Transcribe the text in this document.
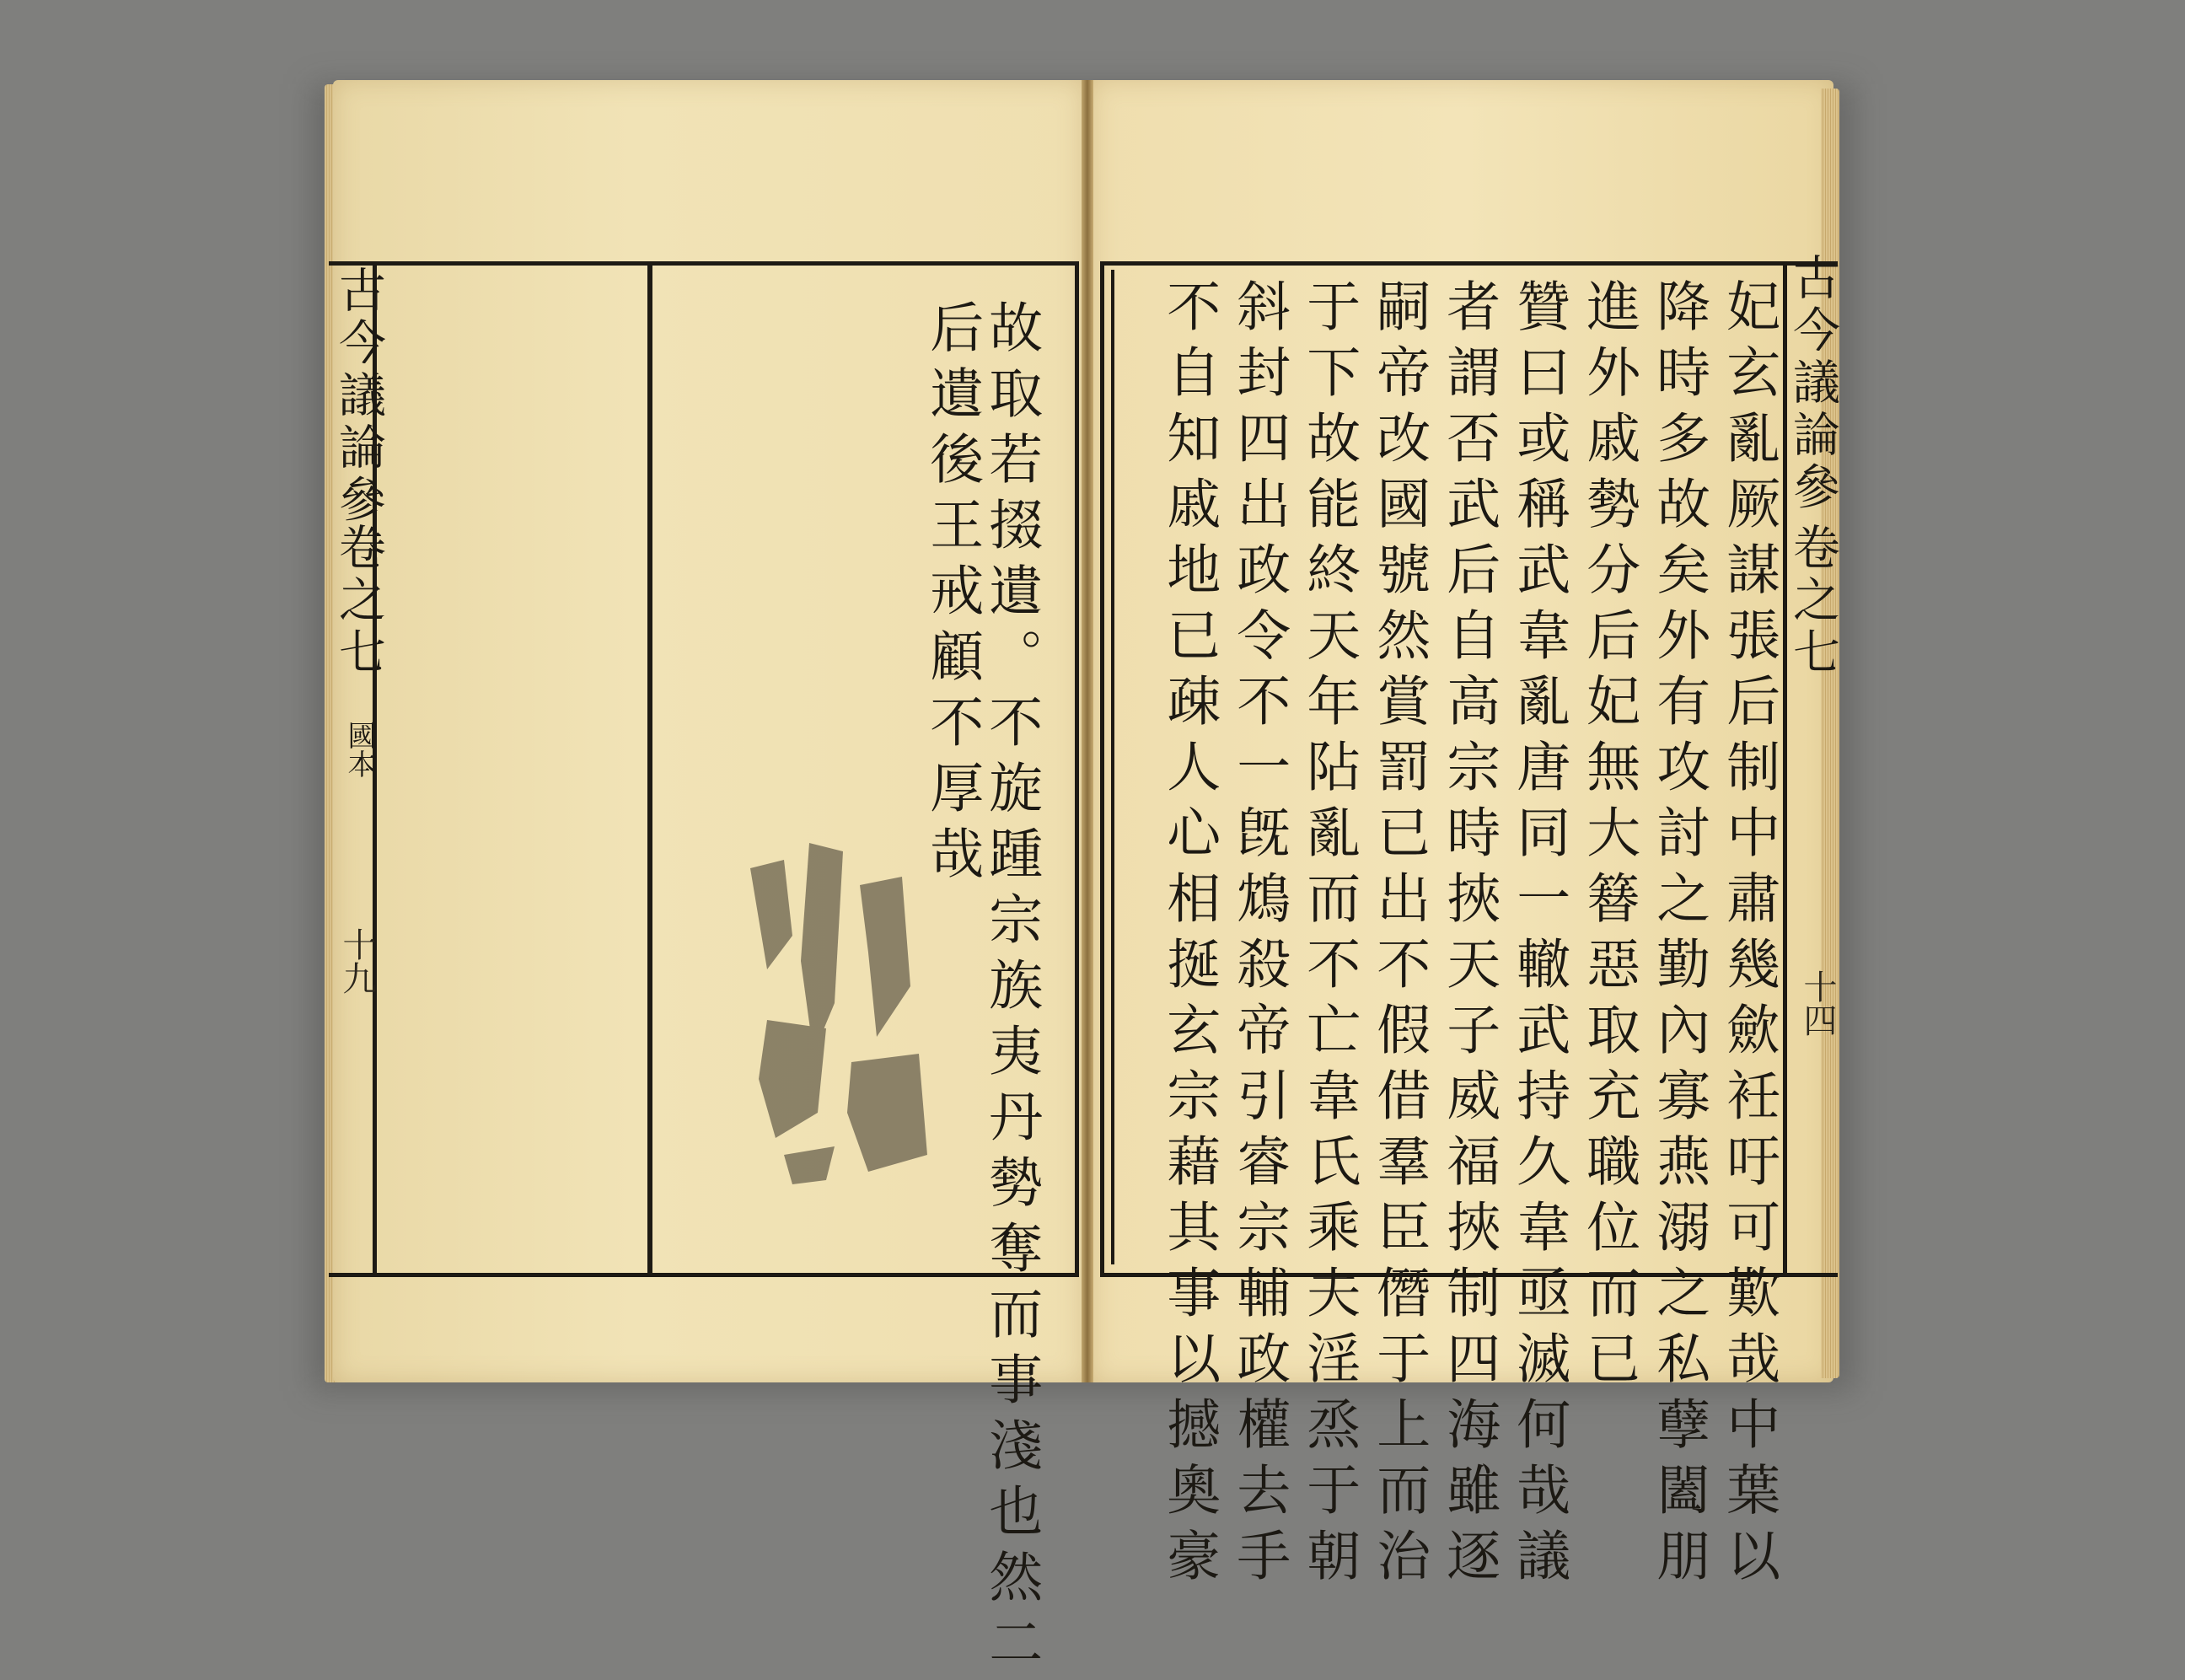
古今議論參
卷之七
國本
十九	故取若掇遺。不旋踵宗族夷丹勢奪而事淺也然二
后遺後王戒顧不厚哉	古今議論參
卷之七
十四
妃玄亂厥謀張后制中肅幾歛衽吁可歎哉中葉以
降時多故矣外有攻討之勤內寡燕溺之私孽闔朋
進外戚勢分后妃無大簮惡取充職位而已
贊曰或稱武韋亂唐同一轍武持久韋亟滅何哉議
者謂否武后自高宗時挾天子威福挾制四海雖逐
嗣帝改國號然賞罰已出不假借羣臣僭于上而治
于下故能終天年阽亂而不亡韋氏乘夫淫烝于朝
斜封四出政令不一旣鴆殺帝引睿宗輔政權去手
不自知戚地已疎人心相挻玄宗藉其事以撼奧豪
